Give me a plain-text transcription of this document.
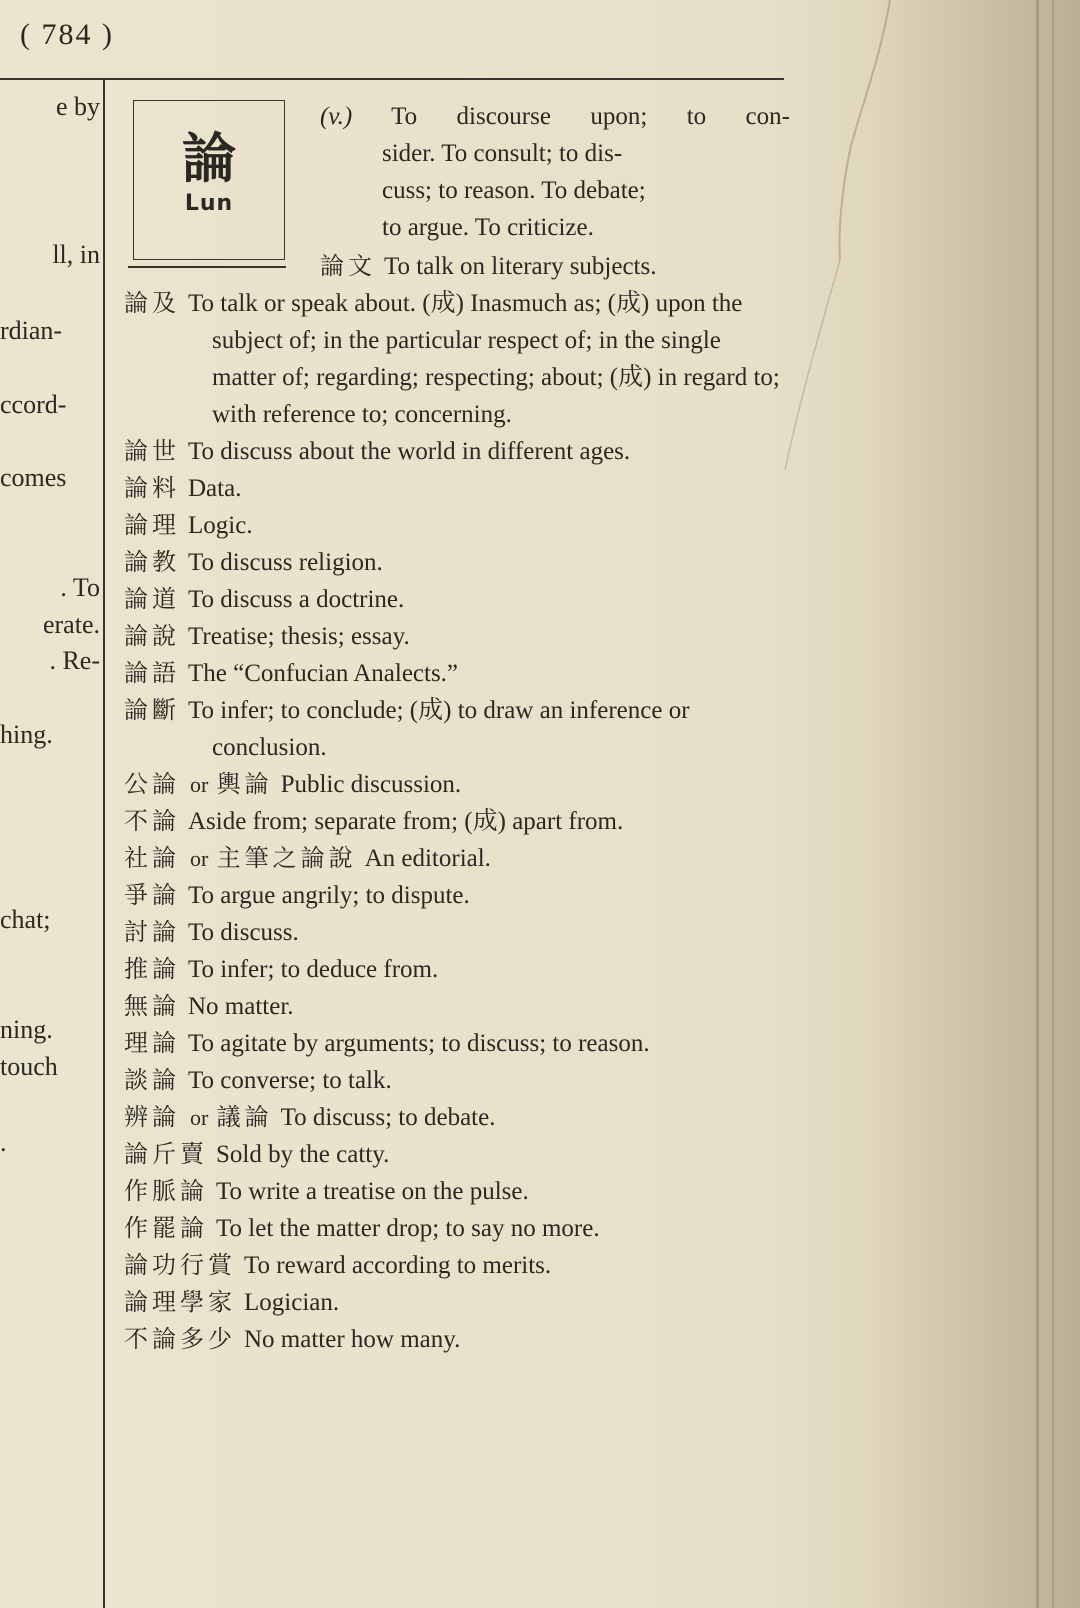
( 784 )
e by
ll, in
rdian-
ccord-
comes
. To
erate.
. Re-
hing.
chat;
ning.
touch
.
論
Lun
(v.) To discourse upon; to con-
sider. To consult; to dis-
cuss; to reason. To debate;
to argue. To criticize.

論文 To talk on literary subjects.

論及 To talk or speak about. (成) Inasmuch as; (成) upon the subject of; in the particular respect of; in the single matter of; regarding; respecting; about; (成) in regard to; with reference to; concerning.

論世 To discuss about the world in different ages.

論料 Data.

論理 Logic.

論教 To discuss religion.

論道 To discuss a doctrine.

論說 Treatise; thesis; essay.

論語 The “Confucian Analects.”

論斷 To infer; to conclude; (成) to draw an inference or conclusion.

公論 or 輿論 Public discussion.

不論 Aside from; separate from; (成) apart from.

社論 or 主筆之論說 An editorial.

爭論 To argue angrily; to dispute.

討論 To discuss.

推論 To infer; to deduce from.

無論 No matter.

理論 To agitate by arguments; to discuss; to reason.

談論 To converse; to talk.

辨論 or 議論 To discuss; to debate.

論斤賣 Sold by the catty.

作脈論 To write a treatise on the pulse.

作罷論 To let the matter drop; to say no more.

論功行賞 To reward according to merits.

論理學家 Logician.

不論多少 No matter how many.
